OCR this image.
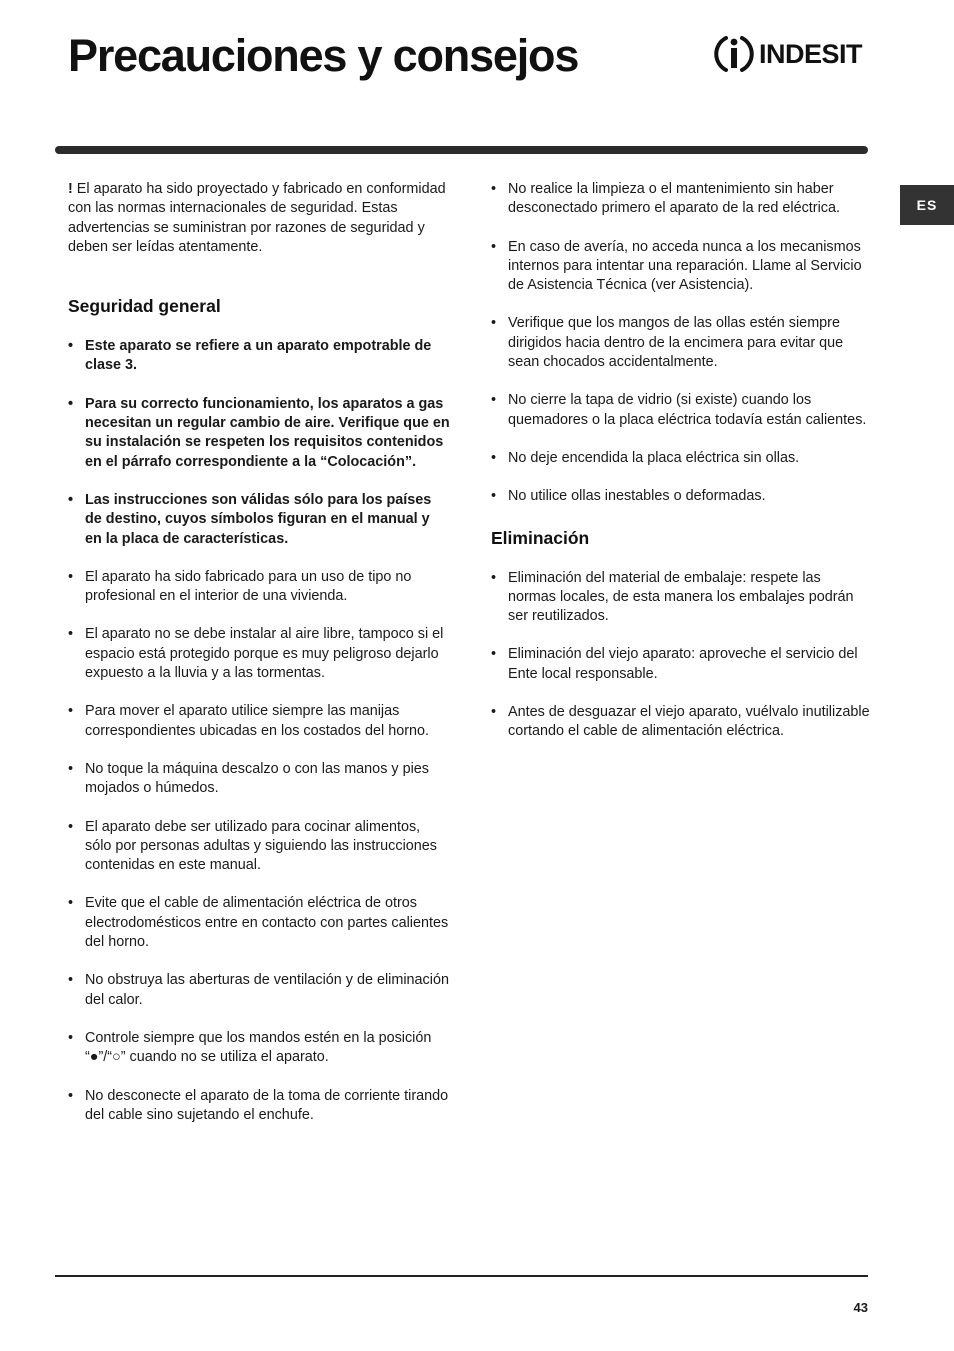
Precauciones y consejos	INDESIT
ES

! El aparato ha sido proyectado y fabricado en conformidad con las normas internacionales de seguridad. Estas advertencias se suministran por razones de seguridad y deben ser leídas atentamente.

Seguridad general
• Este aparato se refiere a un aparato empotrable de clase 3.
• Para su correcto funcionamiento, los aparatos a gas necesitan un regular cambio de aire. Verifique que en su instalación se respeten los requisitos contenidos en el párrafo correspondiente a la “Colocación”.
• Las instrucciones son válidas sólo para los países de destino, cuyos símbolos figuran en el manual y en la placa de características.
• El aparato ha sido fabricado para un uso de tipo no profesional en el interior de una vivienda.
• El aparato no se debe instalar al aire libre, tampoco si el espacio está protegido porque es muy peligroso dejarlo expuesto a la lluvia y a las tormentas.
• Para mover el aparato utilice siempre las manijas correspondientes ubicadas en los costados del horno.
• No toque la máquina descalzo o con las manos y pies mojados o húmedos.
• El aparato debe ser utilizado para cocinar alimentos, sólo por personas adultas y siguiendo las instrucciones contenidas en este manual.
• Evite que el cable de alimentación eléctrica de otros electrodomésticos entre en contacto con partes calientes del horno.
• No obstruya las aberturas de ventilación y de eliminación del calor.
• Controle siempre que los mandos estén en la posición “●”/“○” cuando no se utiliza el aparato.
• No desconecte el aparato de la toma de corriente tirando del cable sino sujetando el enchufe.
• No realice la limpieza o el mantenimiento sin haber desconectado primero el aparato de la red eléctrica.
• En caso de avería, no acceda nunca a los mecanismos internos para intentar una reparación. Llame al Servicio de Asistencia Técnica (ver Asistencia).
• Verifique que los mangos de las ollas estén siempre dirigidos hacia dentro de la encimera para evitar que sean chocados accidentalmente.
• No cierre la tapa de vidrio (si existe) cuando los quemadores o la placa eléctrica todavía están calientes.
• No deje encendida la placa eléctrica sin ollas.
• No utilice ollas inestables o deformadas.
Eliminación
• Eliminación del material de embalaje: respete las normas locales, de esta manera los embalajes podrán ser reutilizados.
• Eliminación del viejo aparato: aproveche el servicio del Ente local responsable.
• Antes de desguazar el viejo aparato, vuélvalo inutilizable cortando el cable de alimentación eléctrica.
43
